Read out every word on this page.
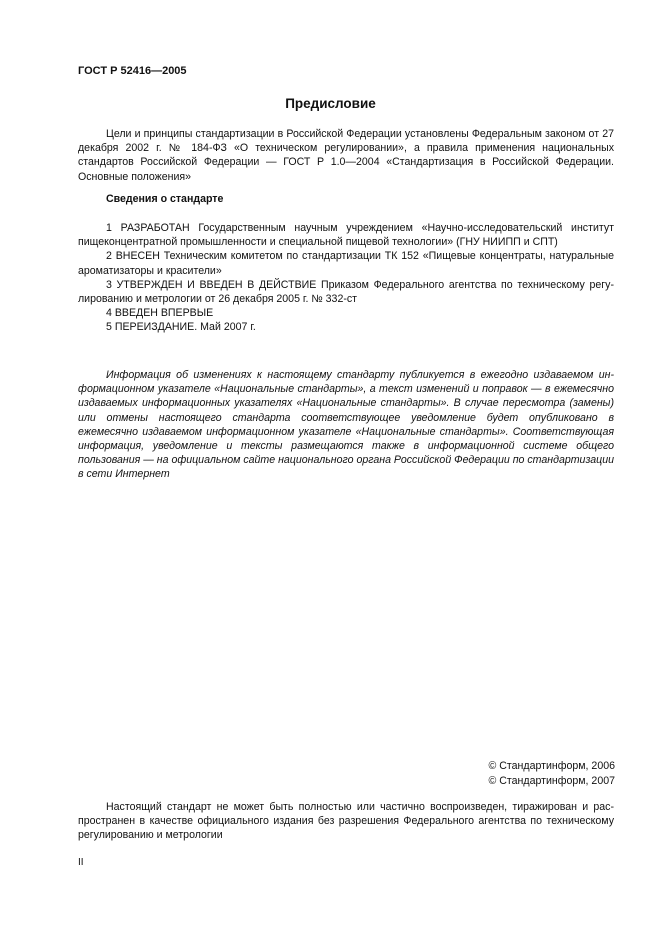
ГОСТ Р 52416—2005
Предисловие
Цели и принципы стандартизации в Российской Федерации установлены Федеральным законом от 27 декабря 2002 г. № 184-ФЗ «О техническом регулировании», а правила применения национальных стандартов Российской Федерации — ГОСТ Р 1.0—2004 «Стандартизация в Российской Федерации. Основные положения»
Сведения о стандарте
1 РАЗРАБОТАН Государственным научным учреждением «Научно-исследовательский институт пищеконцентратной промышленности и специальной пищевой технологии» (ГНУ НИИПП и СПТ)
2 ВНЕСЕН Техническим комитетом по стандартизации ТК 152 «Пищевые концентраты, натуральные ароматизаторы и красители»
3 УТВЕРЖДЕН И ВВЕДЕН В ДЕЙСТВИЕ Приказом Федерального агентства по техническому регулированию и метрологии от 26 декабря 2005 г. № 332-ст
4 ВВЕДЕН ВПЕРВЫЕ
5 ПЕРЕИЗДАНИЕ. Май 2007 г.
Информация об изменениях к настоящему стандарту публикуется в ежегодно издаваемом информационном указателе «Национальные стандарты», а текст изменений и поправок — в ежемесячно издаваемых информационных указателях «Национальные стандарты». В случае пересмотра (замены) или отмены настоящего стандарта соответствующее уведомление будет опубликовано в ежемесячно издаваемом информационном указателе «Национальные стандарты». Соответствующая информация, уведомление и тексты размещаются также в информационной системе общего пользования — на официальном сайте национального органа Российской Федерации по стандартизации в сети Интернет
© Стандартинформ, 2006
© Стандартинформ, 2007
Настоящий стандарт не может быть полностью или частично воспроизведен, тиражирован и распространен в качестве официального издания без разрешения Федерального агентства по техническому регулированию и метрологии
II
